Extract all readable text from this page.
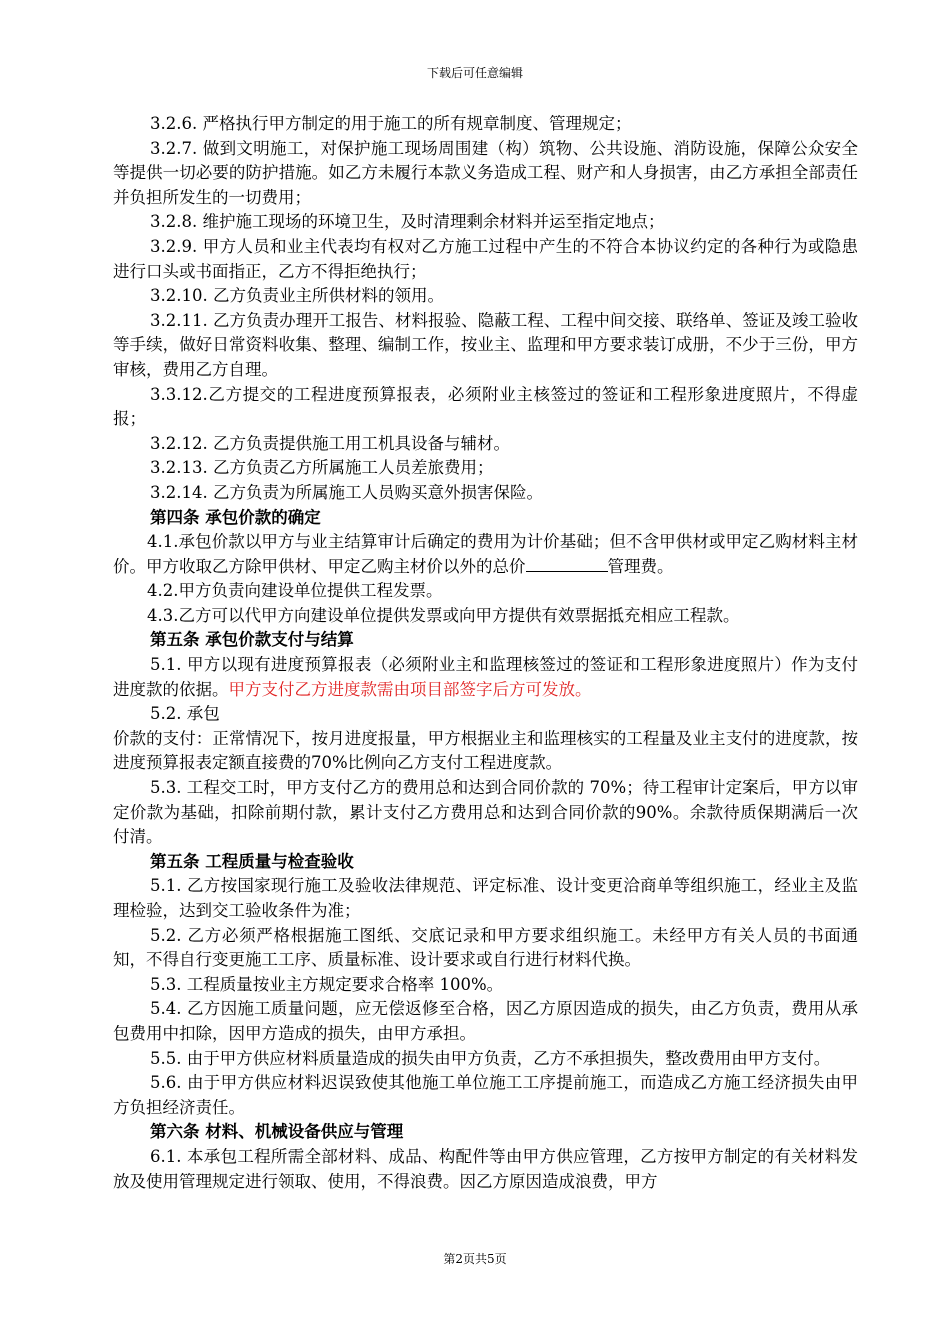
下载后可任意编辑

3.2.6. 严格执行甲方制定的用于施工的所有规章制度、管理规定；

3.2.7. 做到文明施工，对保护施工现场周围建（构）筑物、公共设施、消防设施，保障公众安全等提供一切必要的防护措施。如乙方未履行本款义务造成工程、财产和人身损害，由乙方承担全部责任并负担所发生的一切费用；

3.2.8. 维护施工现场的环境卫生，及时清理剩余材料并运至指定地点；

3.2.9. 甲方人员和业主代表均有权对乙方施工过程中产生的不符合本协议约定的各种行为或隐患进行口头或书面指正，乙方不得拒绝执行；

3.2.10. 乙方负责业主所供材料的领用。

3.2.11. 乙方负责办理开工报告、材料报验、隐蔽工程、工程中间交接、联络单、签证及竣工验收等手续，做好日常资料收集、整理、编制工作，按业主、监理和甲方要求装订成册，不少于三份，甲方审核，费用乙方自理。

3.3.12.乙方提交的工程进度预算报表，必须附业主核签过的签证和工程形象进度照片，不得虚报；

3.2.12. 乙方负责提供施工用工机具设备与辅材。

3.2.13. 乙方负责乙方所属施工人员差旅费用；

3.2.14. 乙方负责为所属施工人员购买意外损害保险。

第四条 承包价款的确定

4.1.承包价款以甲方与业主结算审计后确定的费用为计价基础；但不含甲供材或甲定乙购材料主材价。甲方收取乙方除甲供材、甲定乙购主材价以外的总价	管理费。

4.2.甲方负责向建设单位提供工程发票。

4.3.乙方可以代甲方向建设单位提供发票或向甲方提供有效票据抵充相应工程款。

第五条 承包价款支付与结算

5.1. 甲方以现有进度预算报表（必须附业主和监理核签过的签证和工程形象进度照片）作为支付进度款的依据。甲方支付乙方进度款需由项目部签字后方可发放。

5.2. 承包

价款的支付：正常情况下，按月进度报量，甲方根据业主和监理核实的工程量及业主支付的进度款，按进度预算报表定额直接费的70%比例向乙方支付工程进度款。

5.3. 工程交工时，甲方支付乙方的费用总和达到合同价款的 70%；待工程审计定案后，甲方以审定价款为基础，扣除前期付款，累计支付乙方费用总和达到合同价款的90%。余款待质保期满后一次付清。

第五条 工程质量与检查验收

5.1. 乙方按国家现行施工及验收法律规范、评定标准、设计变更洽商单等组织施工，经业主及监理检验，达到交工验收条件为准；

5.2. 乙方必须严格根据施工图纸、交底记录和甲方要求组织施工。未经甲方有关人员的书面通知，不得自行变更施工工序、质量标准、设计要求或自行进行材料代换。

5.3. 工程质量按业主方规定要求合格率 100%。

5.4. 乙方因施工质量问题，应无偿返修至合格，因乙方原因造成的损失，由乙方负责，费用从承包费用中扣除，因甲方造成的损失，由甲方承担。

5.5. 由于甲方供应材料质量造成的损失由甲方负责，乙方不承担损失，整改费用由甲方支付。

5.6. 由于甲方供应材料迟误致使其他施工单位施工工序提前施工，而造成乙方施工经济损失由甲方负担经济责任。

第六条 材料、机械设备供应与管理

6.1. 本承包工程所需全部材料、成品、构配件等由甲方供应管理，乙方按甲方制定的有关材料发放及使用管理规定进行领取、使用，不得浪费。因乙方原因造成浪费，甲方

第2页共5页
